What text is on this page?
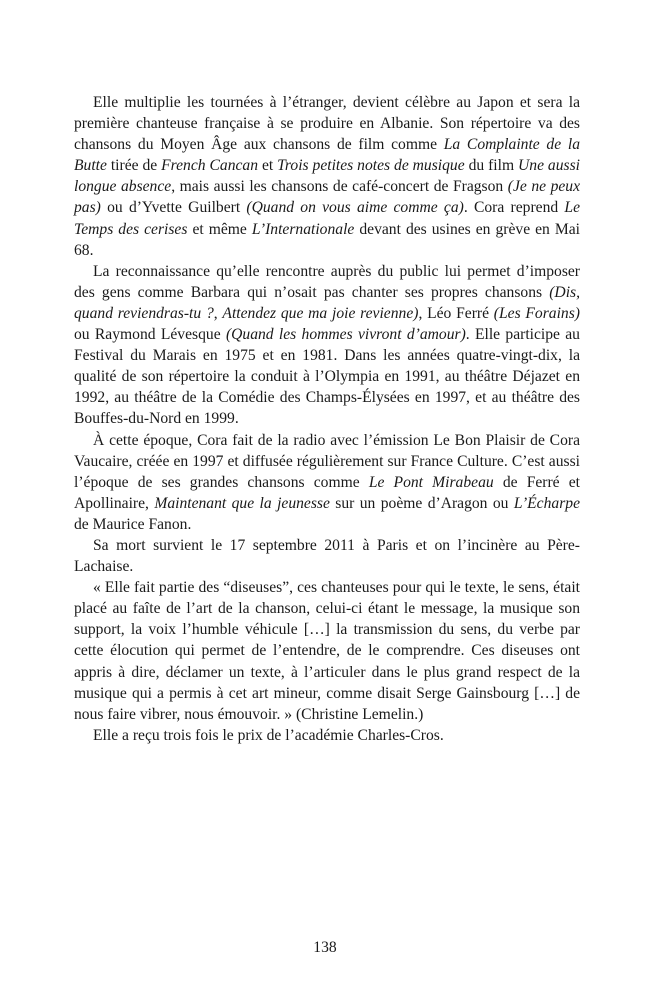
Elle multiplie les tournées à l’étranger, devient célèbre au Japon et sera la première chanteuse française à se produire en Albanie. Son répertoire va des chansons du Moyen Âge aux chansons de film comme La Complainte de la Butte tirée de French Cancan et Trois petites notes de musique du film Une aussi longue absence, mais aussi les chansons de café-concert de Fragson (Je ne peux pas) ou d’Yvette Guilbert (Quand on vous aime comme ça). Cora reprend Le Temps des cerises et même L’Internationale devant des usines en grève en Mai 68.

La reconnaissance qu’elle rencontre auprès du public lui permet d’imposer des gens comme Barbara qui n’osait pas chanter ses propres chansons (Dis, quand reviendras-tu ?, Attendez que ma joie revienne), Léo Ferré (Les Forains) ou Raymond Lévesque (Quand les hommes vivront d’amour). Elle participe au Festival du Marais en 1975 et en 1981. Dans les années quatre-vingt-dix, la qualité de son répertoire la conduit à l’Olympia en 1991, au théâtre Déjazet en 1992, au théâtre de la Comédie des Champs-Élysées en 1997, et au théâtre des Bouffes-du-Nord en 1999.

À cette époque, Cora fait de la radio avec l’émission Le Bon Plaisir de Cora Vaucaire, créée en 1997 et diffusée régulièrement sur France Culture. C’est aussi l’époque de ses grandes chansons comme Le Pont Mirabeau de Ferré et Apollinaire, Maintenant que la jeunesse sur un poème d’Aragon ou L’Écharpe de Maurice Fanon.

Sa mort survient le 17 septembre 2011 à Paris et on l’incinère au Père-Lachaise.

« Elle fait partie des “diseuses”, ces chanteuses pour qui le texte, le sens, était placé au faîte de l’art de la chanson, celui-ci étant le message, la musique son support, la voix l’humble véhicule […] la transmission du sens, du verbe par cette élocution qui permet de l’entendre, de le comprendre. Ces diseuses ont appris à dire, déclamer un texte, à l’articuler dans le plus grand respect de la musique qui a permis à cet art mineur, comme disait Serge Gainsbourg […] de nous faire vibrer, nous émouvoir. » (Christine Lemelin.)

Elle a reçu trois fois le prix de l’académie Charles-Cros.

138
